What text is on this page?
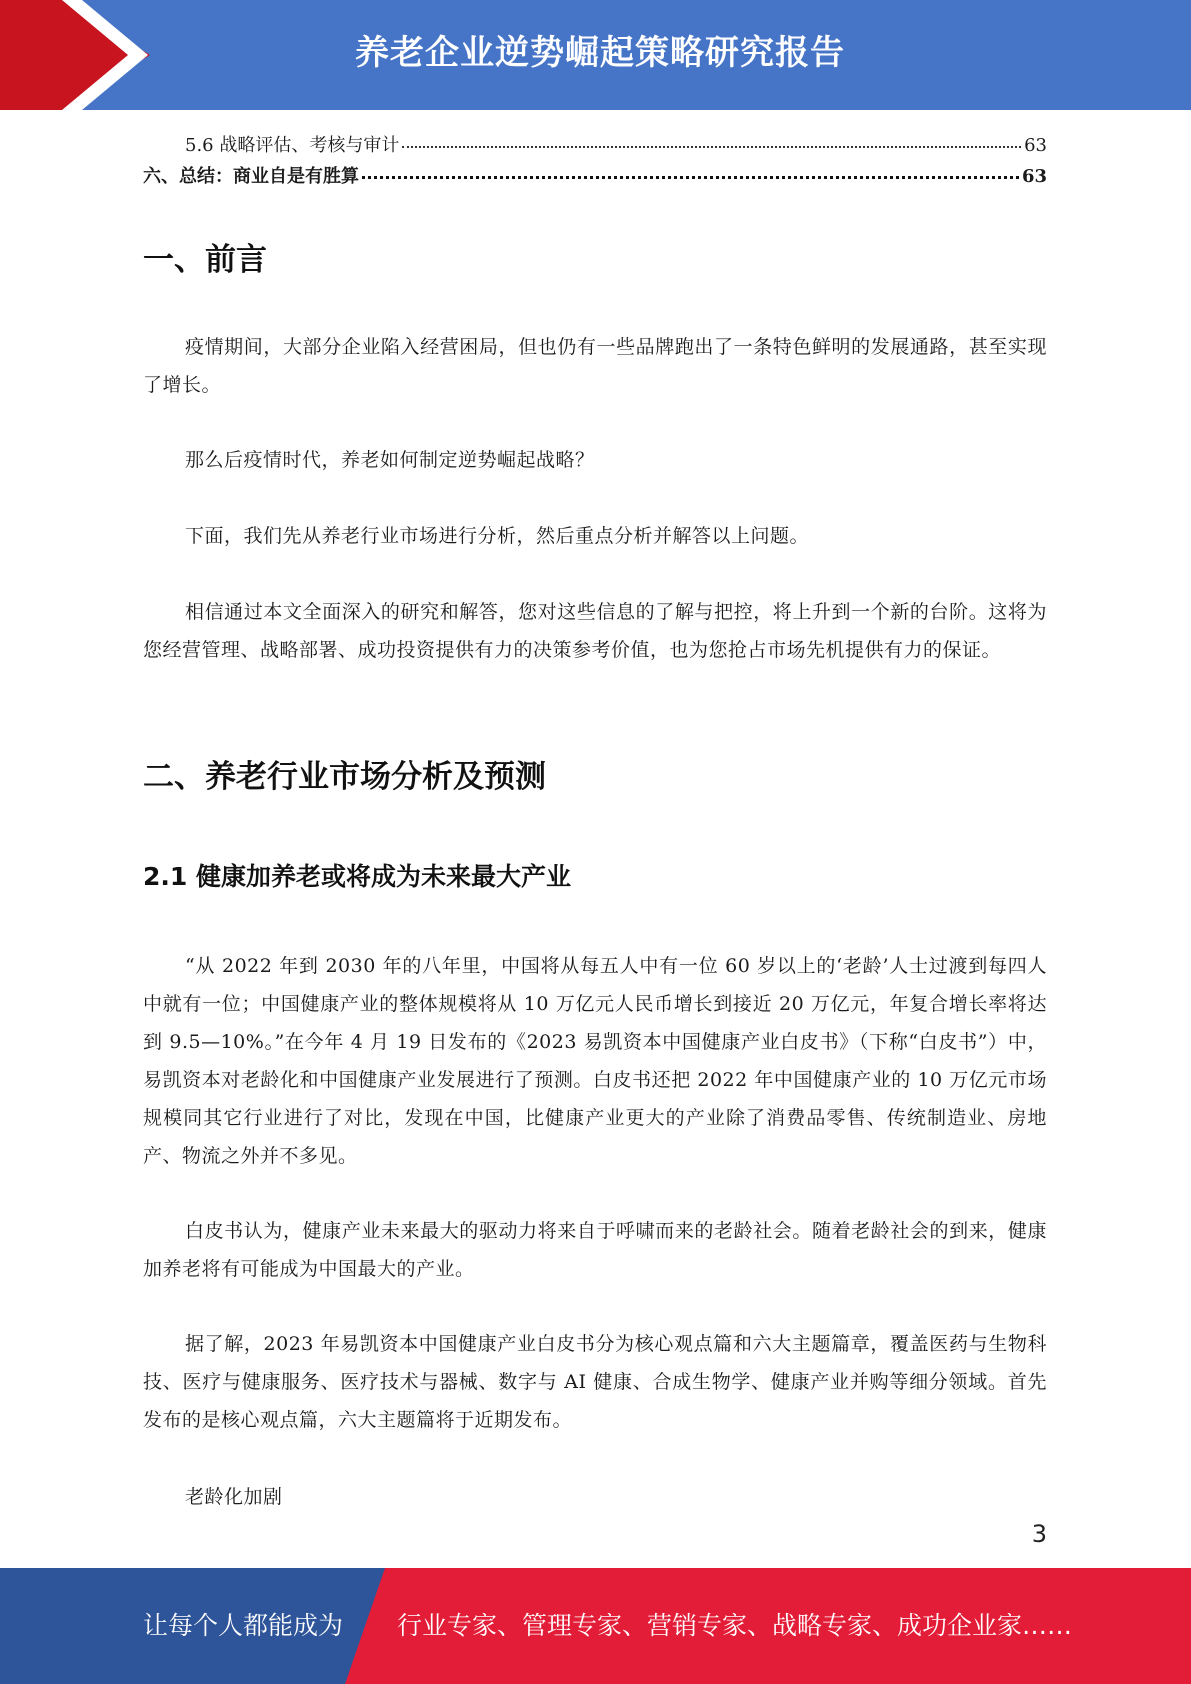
养老企业逆势崛起策略研究报告
5.6 战略评估、考核与审计	63
六、总结：商业自是有胜算	63
一、前言

疫情期间，大部分企业陷入经营困局，但也仍有一些品牌跑出了一条特色鲜明的发展通路，甚至实现了增长。

那么后疫情时代，养老如何制定逆势崛起战略？

下面，我们先从养老行业市场进行分析，然后重点分析并解答以上问题。

相信通过本文全面深入的研究和解答，您对这些信息的了解与把控，将上升到一个新的台阶。这将为您经营管理、战略部署、成功投资提供有力的决策参考价值，也为您抢占市场先机提供有力的保证。

二、养老行业市场分析及预测
2.1 健康加养老或将成为未来最大产业

“从 2022 年到 2030 年的八年里，中国将从每五人中有一位 60 岁以上的‘老龄’人士过渡到每四人中就有一位；中国健康产业的整体规模将从 10 万亿元人民币增长到接近 20 万亿元，年复合增长率将达到 9.5—10%。”在今年 4 月 19 日发布的《2023 易凯资本中国健康产业白皮书》（下称“白皮书”）中，易凯资本对老龄化和中国健康产业发展进行了预测。白皮书还把 2022 年中国健康产业的 10 万亿元市场规模同其它行业进行了对比，发现在中国，比健康产业更大的产业除了消费品零售、传统制造业、房地产、物流之外并不多见。

白皮书认为，健康产业未来最大的驱动力将来自于呼啸而来的老龄社会。随着老龄社会的到来，健康加养老将有可能成为中国最大的产业。

据了解，2023 年易凯资本中国健康产业白皮书分为核心观点篇和六大主题篇章，覆盖医药与生物科技、医疗与健康服务、医疗技术与器械、数字与 AI 健康、合成生物学、健康产业并购等细分领域。首先发布的是核心观点篇，六大主题篇将于近期发布。

老龄化加剧

3
让每个人都能成为 行业专家、管理专家、营销专家、战略专家、成功企业家……
